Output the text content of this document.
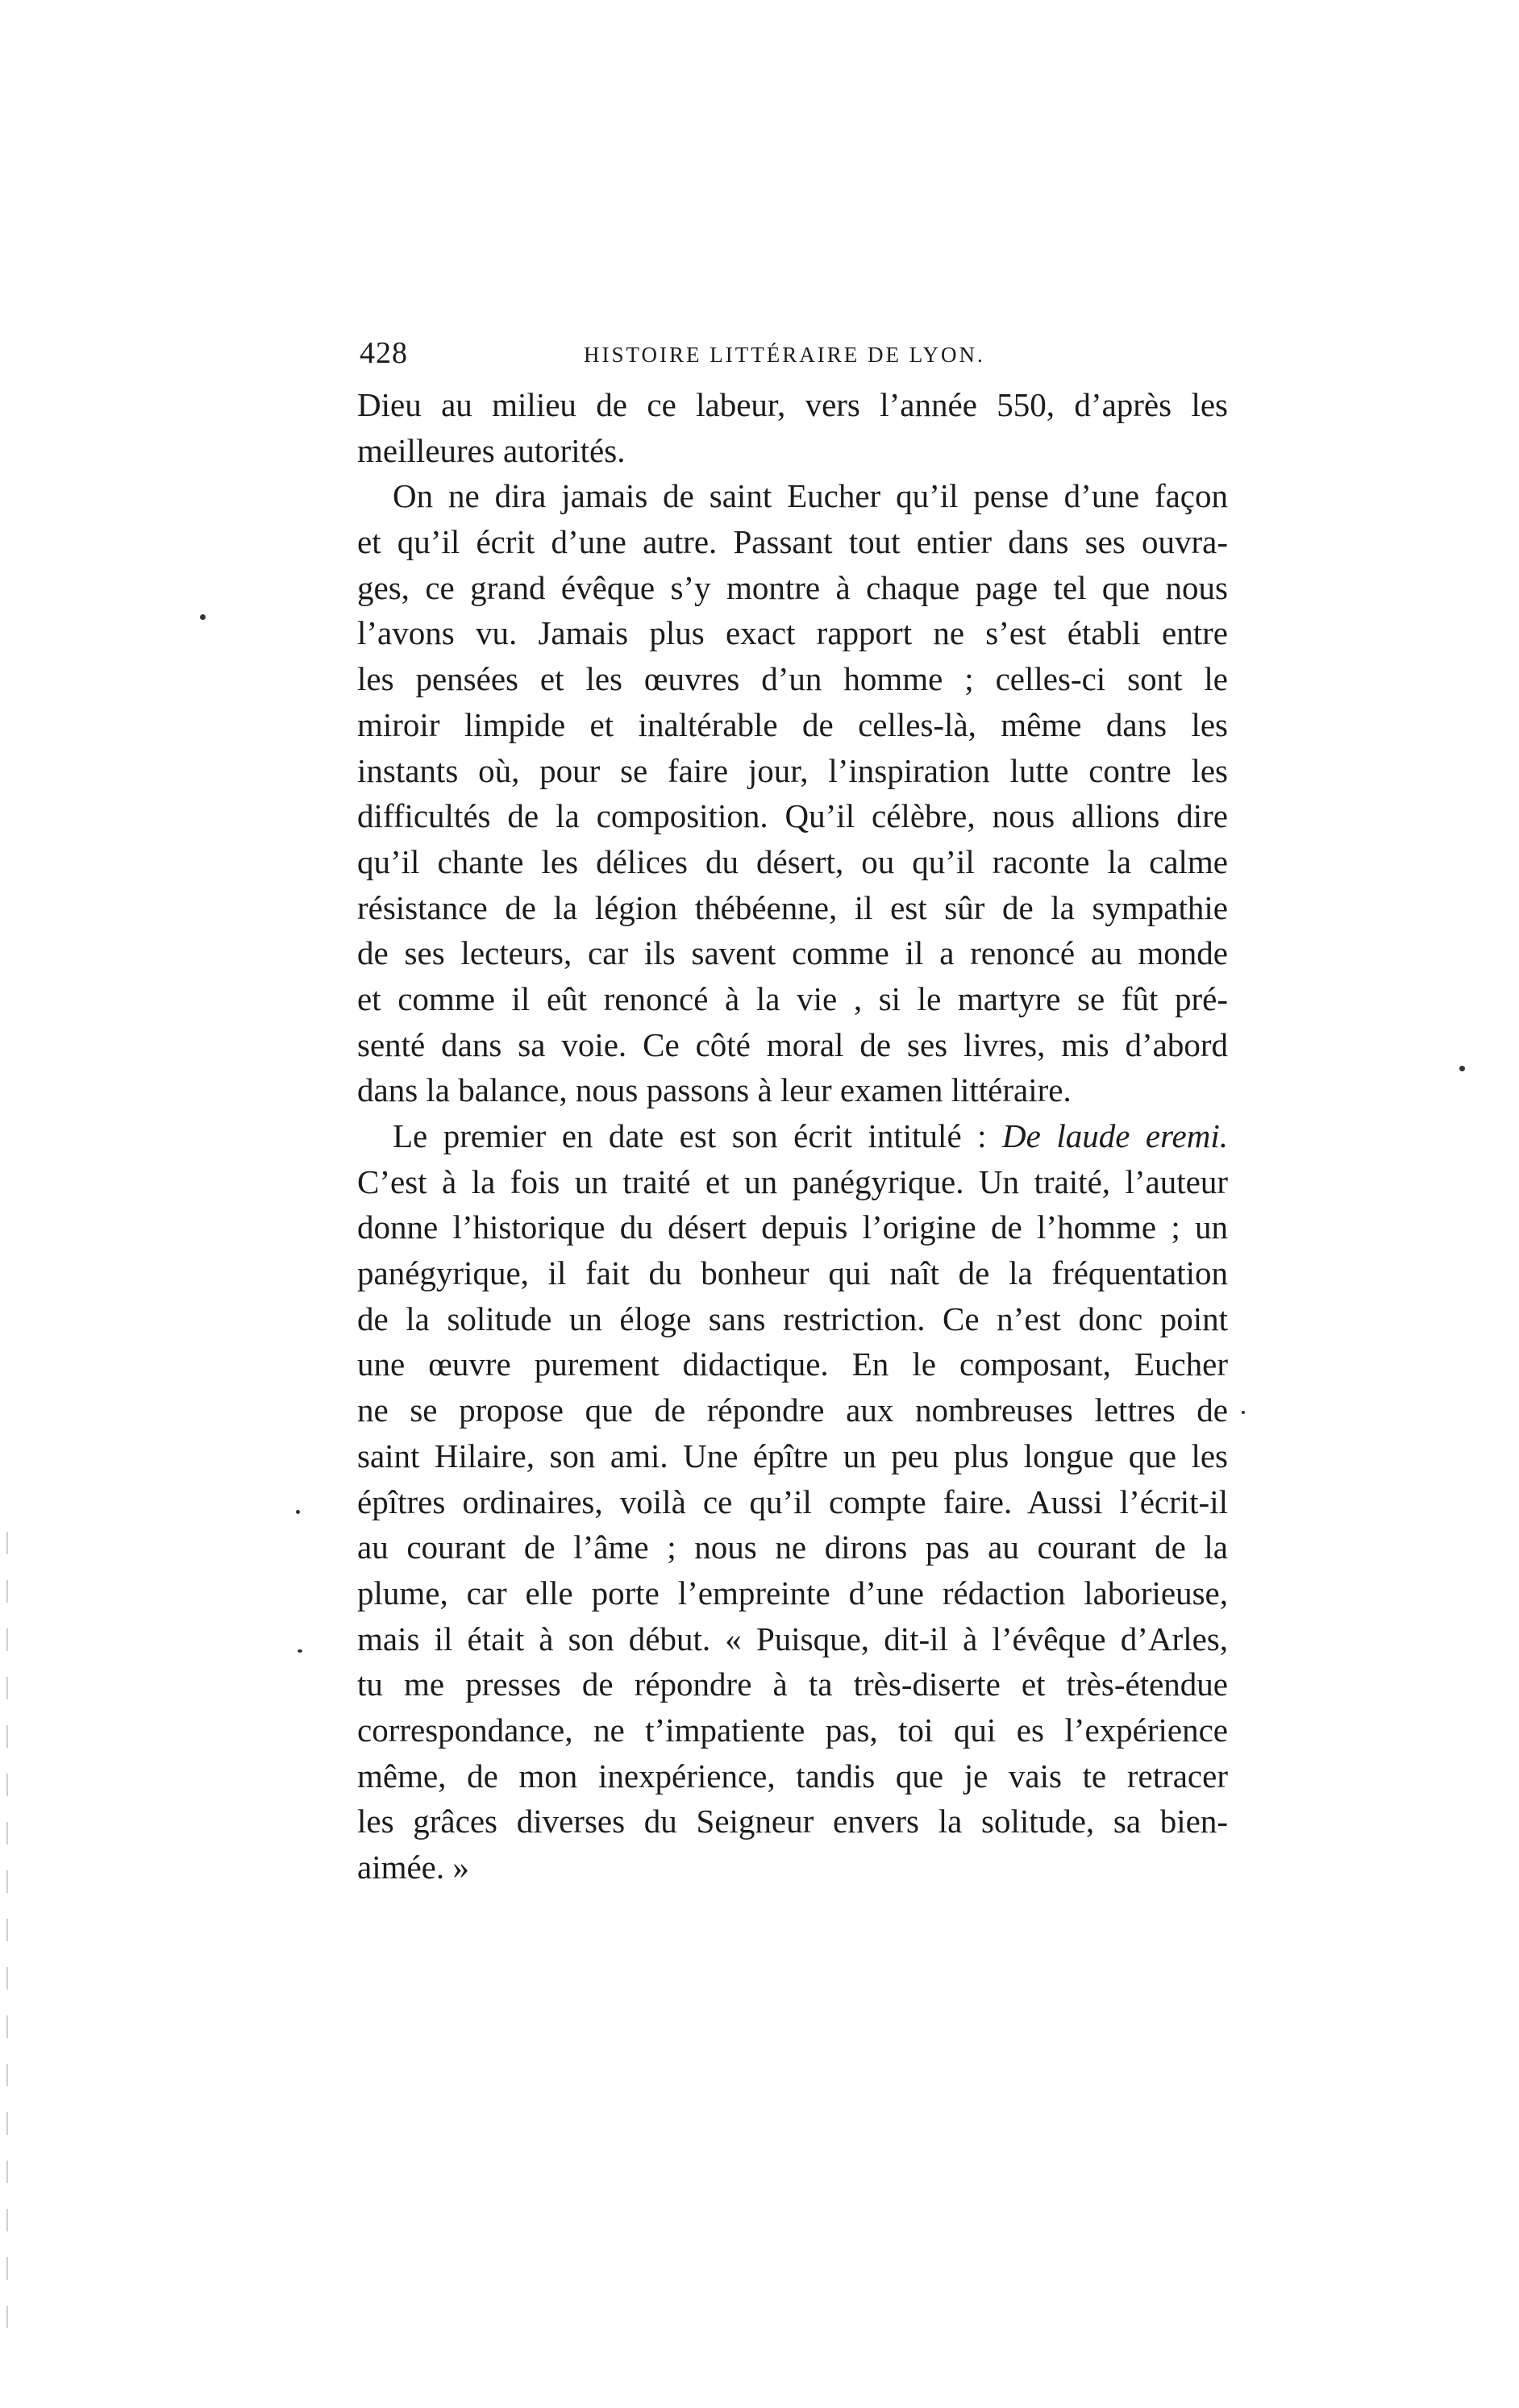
428	HISTOIRE LITTÉRAIRE DE LYON.
Dieu au milieu de ce labeur, vers l’année 550, d’après les
meilleures autorités.
On ne dira jamais de saint Eucher qu’il pense d’une façon
et qu’il écrit d’une autre. Passant tout entier dans ses ouvra-
ges, ce grand évêque s’y montre à chaque page tel que nous
l’avons vu. Jamais plus exact rapport ne s’est établi entre
les pensées et les œuvres d’un homme ; celles-ci sont le
miroir limpide et inaltérable de celles-là, même dans les
instants où, pour se faire jour, l’inspiration lutte contre les
difficultés de la composition. Qu’il célèbre, nous allions dire
qu’il chante les délices du désert, ou qu’il raconte la calme
résistance de la légion thébéenne, il est sûr de la sympathie
de ses lecteurs, car ils savent comme il a renoncé au monde
et comme il eût renoncé à la vie , si le martyre se fût pré-
senté dans sa voie. Ce côté moral de ses livres, mis d’abord
dans la balance, nous passons à leur examen littéraire.
Le premier en date est son écrit intitulé : De laude eremi.
C’est à la fois un traité et un panégyrique. Un traité, l’auteur
donne l’historique du désert depuis l’origine de l’homme ; un
panégyrique, il fait du bonheur qui naît de la fréquentation
de la solitude un éloge sans restriction. Ce n’est donc point
une œuvre purement didactique. En le composant, Eucher
ne se propose que de répondre aux nombreuses lettres de
saint Hilaire, son ami. Une épître un peu plus longue que les
épîtres ordinaires, voilà ce qu’il compte faire. Aussi l’écrit-il
au courant de l’âme ; nous ne dirons pas au courant de la
plume, car elle porte l’empreinte d’une rédaction laborieuse,
mais il était à son début. « Puisque, dit-il à l’évêque d’Arles,
tu me presses de répondre à ta très-diserte et très-étendue
correspondance, ne t’impatiente pas, toi qui es l’expérience
même, de mon inexpérience, tandis que je vais te retracer
les grâces diverses du Seigneur envers la solitude, sa bien-
aimée. »
